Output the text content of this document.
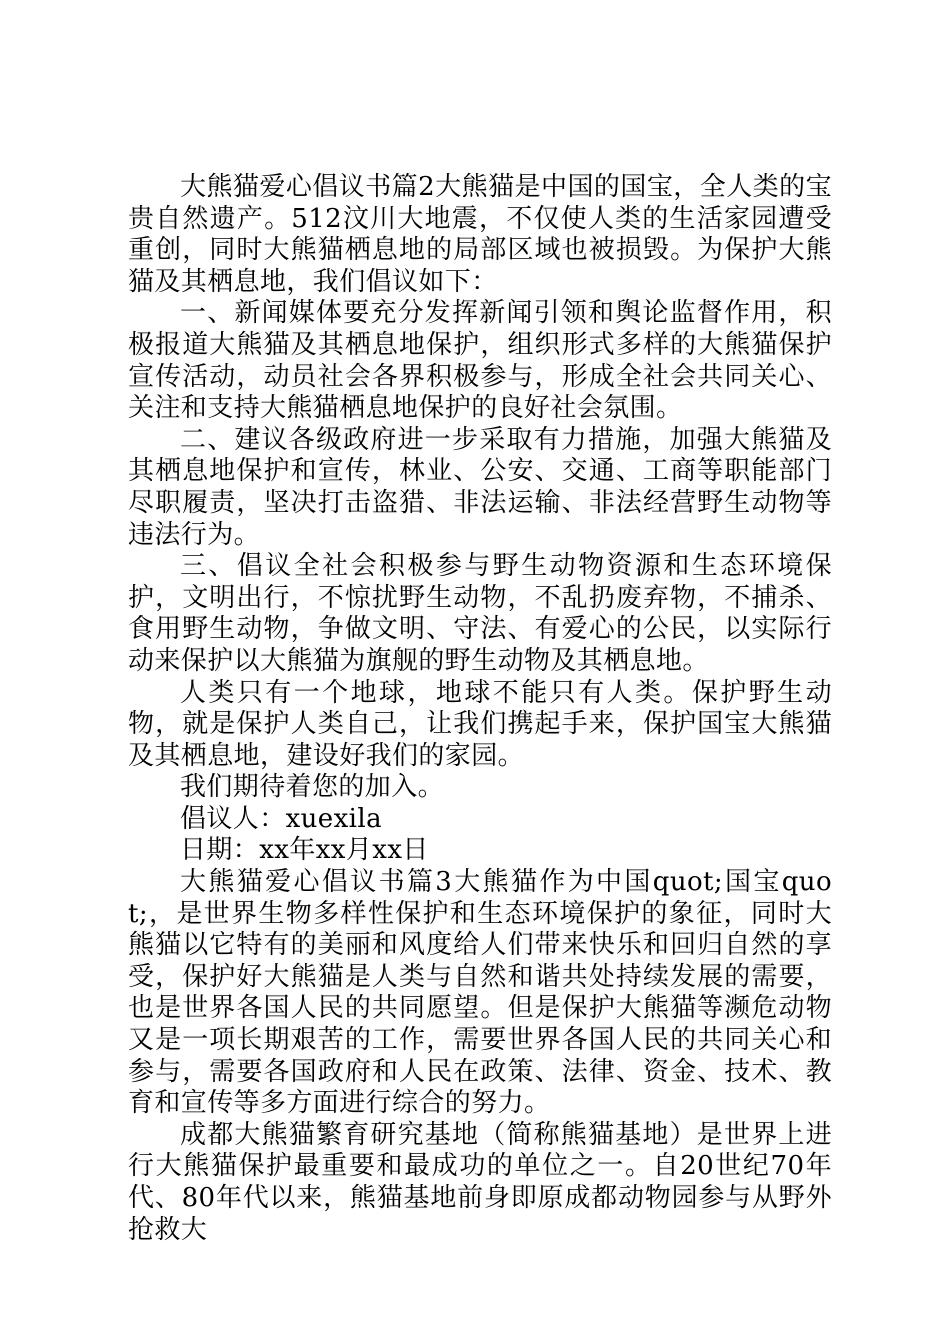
大熊猫爱心倡议书篇2大熊猫是中国的国宝，全人类的宝贵自然遗产。512汶川大地震，不仅使人类的生活家园遭受重创，同时大熊猫栖息地的局部区域也被损毁。为保护大熊猫及其栖息地，我们倡议如下：

一、新闻媒体要充分发挥新闻引领和舆论监督作用，积极报道大熊猫及其栖息地保护，组织形式多样的大熊猫保护宣传活动，动员社会各界积极参与，形成全社会共同关心、关注和支持大熊猫栖息地保护的良好社会氛围。

二、建议各级政府进一步采取有力措施，加强大熊猫及其栖息地保护和宣传，林业、公安、交通、工商等职能部门尽职履责，坚决打击盗猎、非法运输、非法经营野生动物等违法行为。

三、倡议全社会积极参与野生动物资源和生态环境保护，文明出行，不惊扰野生动物，不乱扔废弃物，不捕杀、食用野生动物，争做文明、守法、有爱心的公民，以实际行动来保护以大熊猫为旗舰的野生动物及其栖息地。

人类只有一个地球，地球不能只有人类。保护野生动物，就是保护人类自己，让我们携起手来，保护国宝大熊猫及其栖息地，建设好我们的家园。

我们期待着您的加入。

倡议人：xuexila

日期：xx年xx月xx日

大熊猫爱心倡议书篇3大熊猫作为中国quot;国宝quot;，是世界生物多样性保护和生态环境保护的象征，同时大熊猫以它特有的美丽和风度给人们带来快乐和回归自然的享受，保护好大熊猫是人类与自然和谐共处持续发展的需要，也是世界各国人民的共同愿望。但是保护大熊猫等濒危动物又是一项长期艰苦的工作，需要世界各国人民的共同关心和参与，需要各国政府和人民在政策、法律、资金、技术、教育和宣传等多方面进行综合的努力。

成都大熊猫繁育研究基地（简称熊猫基地）是世界上进行大熊猫保护最重要和最成功的单位之一。自20世纪70年代、80年代以来，熊猫基地前身即原成都动物园参与从野外抢救大
